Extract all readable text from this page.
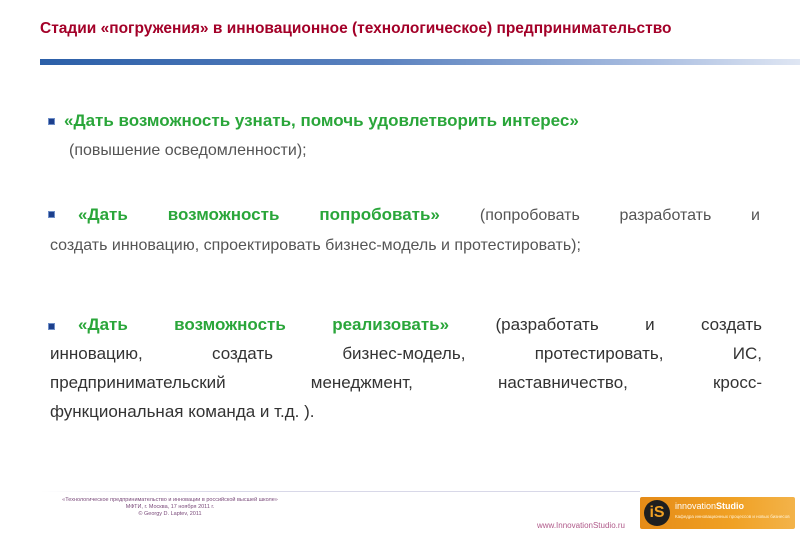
Стадии «погружения» в инновационное (технологическое) предпринимательство
«Дать возможность узнать, помочь удовлетворить интерес»
(повышение осведомленности);
«Дать возможность попробовать» (попробовать разработать и
создать инновацию, спроектировать бизнес-модель и протестировать);
«Дать возможность реализовать»	(разработать и создать
инновацию, создать бизнес-модель, протестировать, ИС,
предпринимательский менеджмент, наставничество, кросс-
функциональная команда и т.д. ).
«Технологическое предпринимательство и инновации в российской высшей школе»
МФТИ, г. Москва, 17 ноября 2011 г.
© Georgy D. Laptev, 2011
www.InnovationStudio.ru
iS	innovationStudio
Кафедра инновационных процессов и новых бизнесов
